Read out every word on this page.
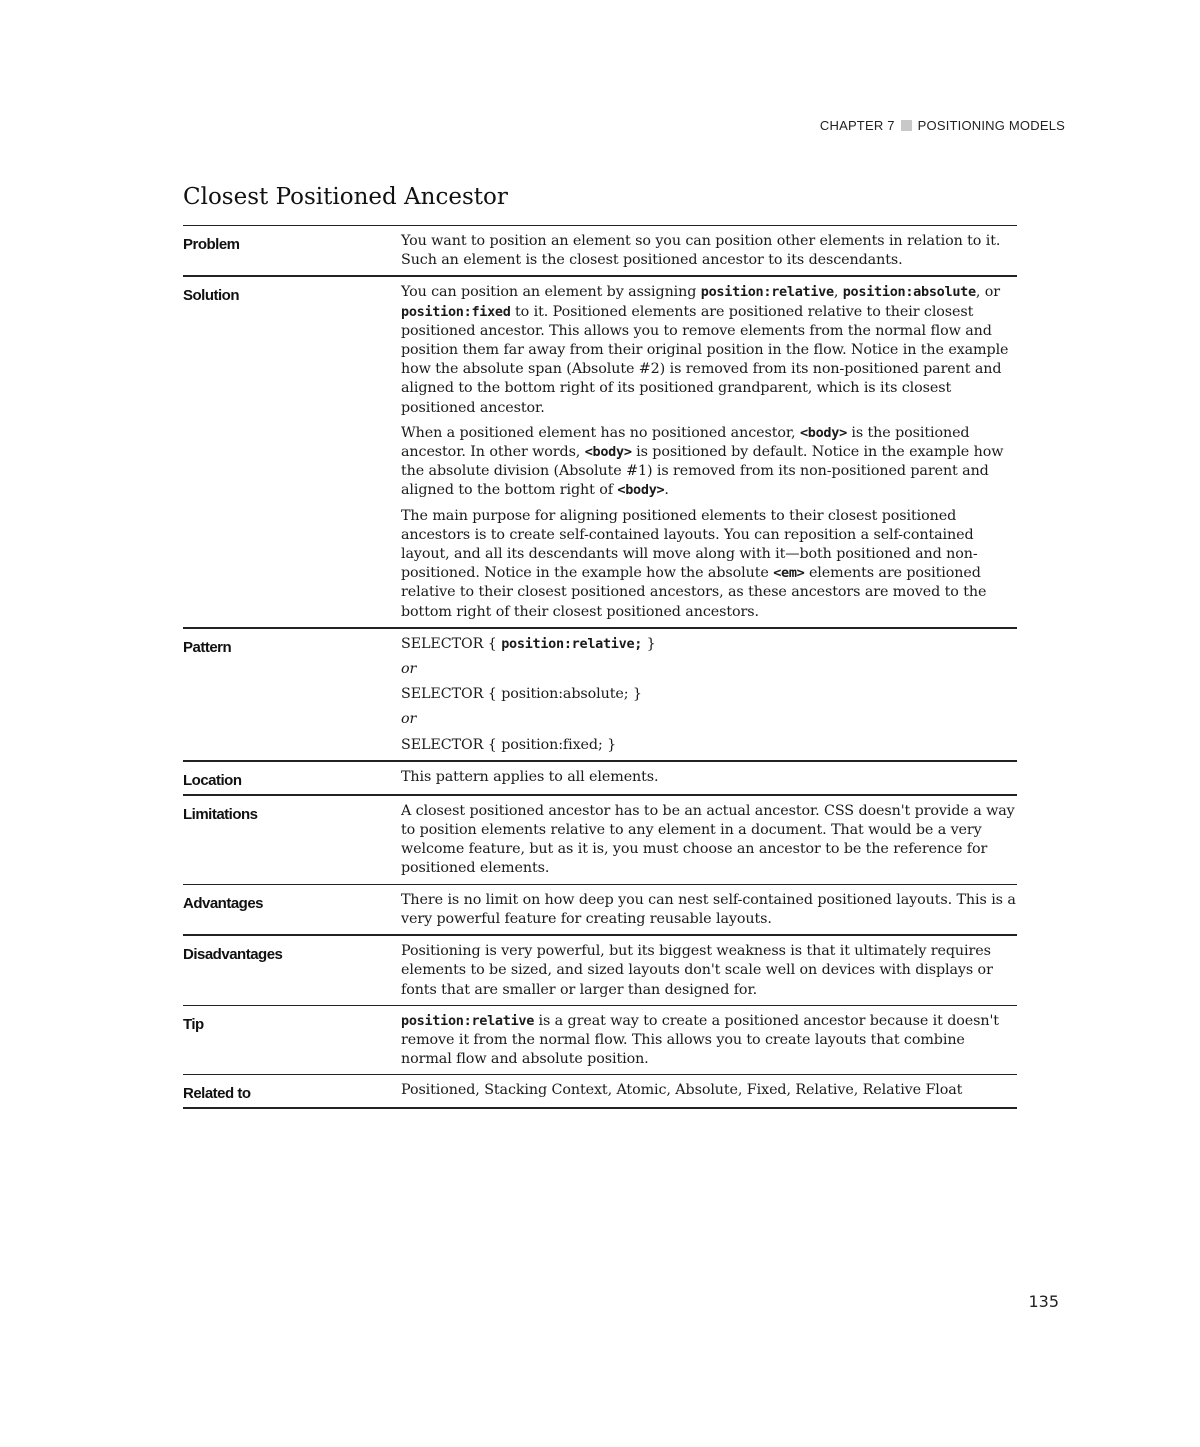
CHAPTER 7 POSITIONING MODELS
Closest Positioned Ancestor
Problem	You want to position an element so you can position other elements in relation to it. Such an element is the closest positioned ancestor to its descendants.

Solution	You can position an element by assigning position:relative, position:absolute, or position:fixed to it. Positioned elements are positioned relative to their closest positioned ancestor. This allows you to remove elements from the normal flow and position them far away from their original position in the flow. Notice in the example how the absolute span (Absolute #2) is removed from its non-positioned parent and aligned to the bottom right of its positioned grandparent, which is its closest positioned ancestor.

When a positioned element has no positioned ancestor, <body> is the positioned ancestor. In other words, <body> is positioned by default. Notice in the example how the absolute division (Absolute #1) is removed from its non-positioned parent and aligned to the bottom right of <body>.

The main purpose for aligning positioned elements to their closest positioned ancestors is to create self-contained layouts. You can reposition a self-contained layout, and all its descendants will move along with it—both positioned and non-positioned. Notice in the example how the absolute <em> elements are positioned relative to their closest positioned ancestors, as these ancestors are moved to the bottom right of their closest positioned ancestors.

Pattern	SELECTOR { position:relative; }

or

SELECTOR { position:absolute; }

or

SELECTOR { position:fixed; }

Location	This pattern applies to all elements.

Limitations	A closest positioned ancestor has to be an actual ancestor. CSS doesn't provide a way to position elements relative to any element in a document. That would be a very welcome feature, but as it is, you must choose an ancestor to be the reference for positioned elements.

Advantages	There is no limit on how deep you can nest self-contained positioned layouts. This is a very powerful feature for creating reusable layouts.

Disadvantages	Positioning is very powerful, but its biggest weakness is that it ultimately requires elements to be sized, and sized layouts don't scale well on devices with displays or fonts that are smaller or larger than designed for.

Tip	position:relative is a great way to create a positioned ancestor because it doesn't remove it from the normal flow. This allows you to create layouts that combine normal flow and absolute position.

Related to	Positioned, Stacking Context, Atomic, Absolute, Fixed, Relative, Relative Float

135
